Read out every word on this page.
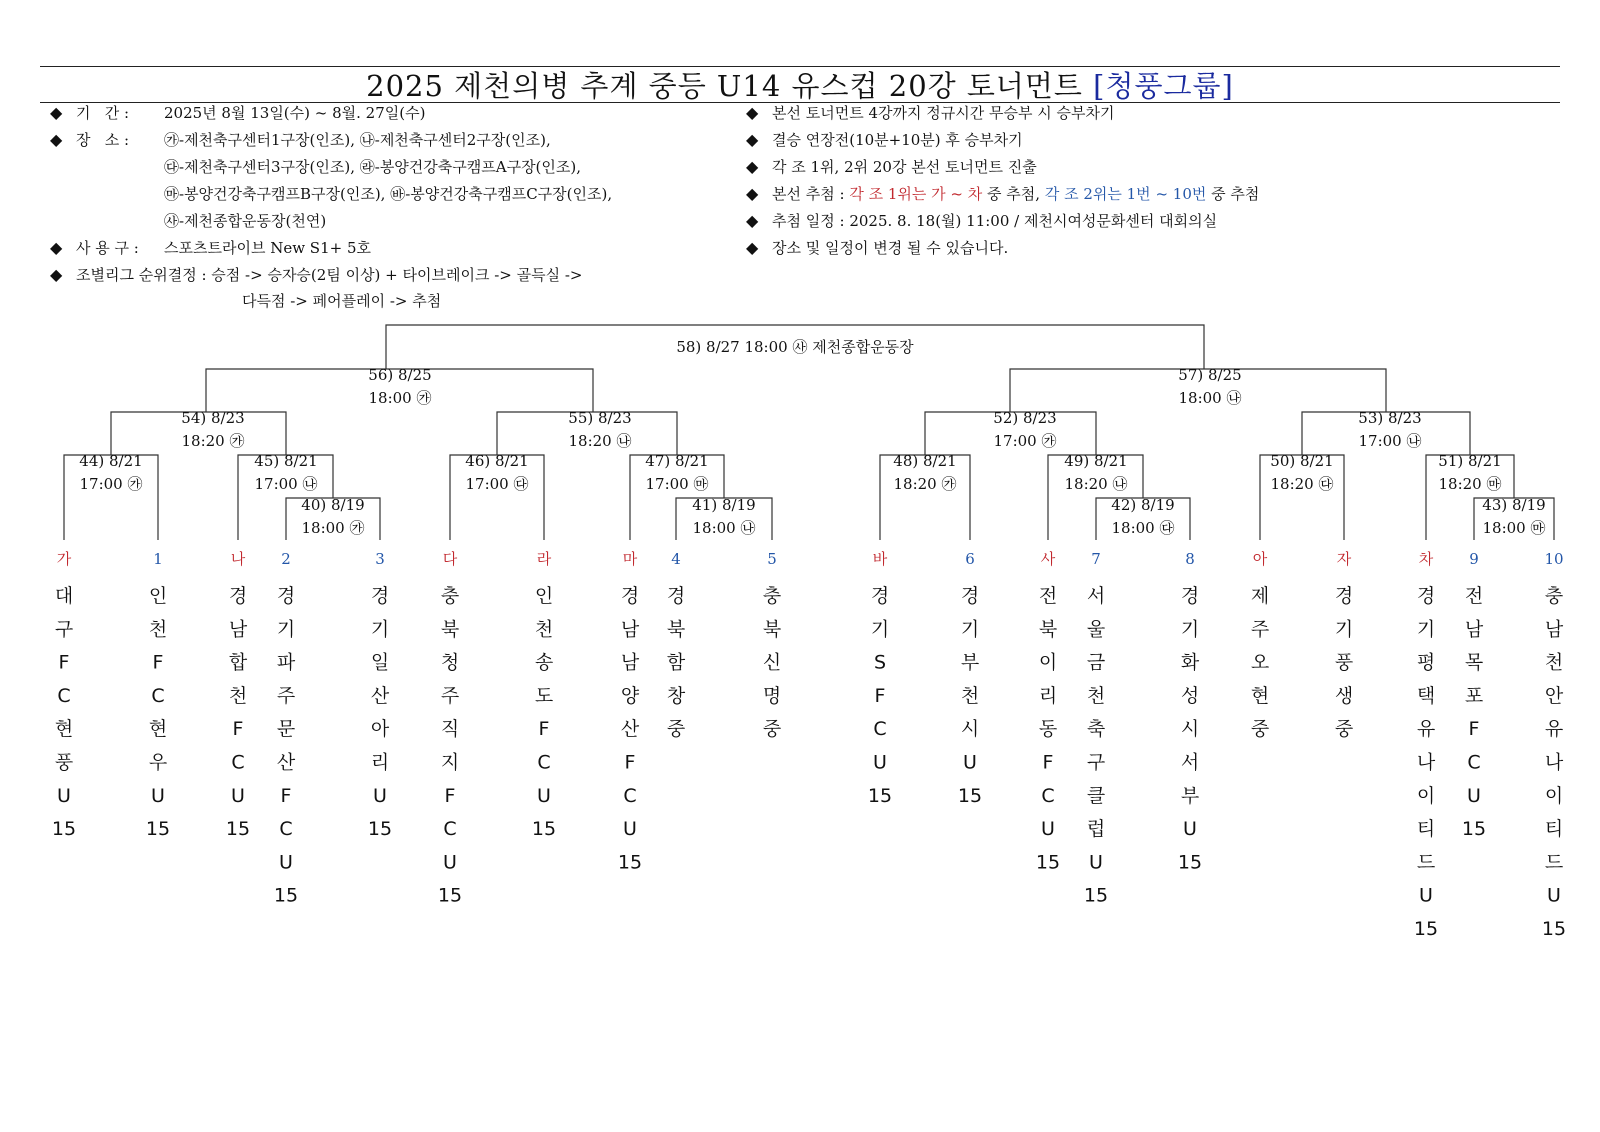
2025 제천의병 추계 중등 U14 유스컵 20강 토너먼트 [청풍그룹]
◆ 기   간 : 2025년 8월 13일(수) ~ 8월. 27일(수)
◆ 장   소 : ㉮-제천축구센터1구장(인조), ㉯-제천축구센터2구장(인조),
㉰-제천축구센터3구장(인조), ㉱-봉양건강축구캠프A구장(인조),
㉲-봉양건강축구캠프B구장(인조), ㉳-봉양건강축구캠프C구장(인조),
㉴-제천종합운동장(천연)
◆ 사 용 구 : 스포츠트라이브 New S1+ 5호
◆ 조별리그 순위결정 : 승점 -> 승자승(2팀 이상) + 타이브레이크 -> 골득실 ->
다득점 -> 페어플레이 -> 추첨
◆ 본선 토너먼트 4강까지 정규시간 무승부 시 승부차기
◆ 결승 연장전(10분+10분) 후 승부차기
◆ 각 조 1위, 2위 20강 본선 토너먼트 진출
◆ 본선 추첨 : 각 조 1위는 가 ~ 차 중 추첨, 각 조 2위는 1번 ~ 10번 중 추첨
◆ 추첨 일정 : 2025. 8. 18(월) 11:00 / 제천시여성문화센터 대회의실
◆ 장소 및 일정이 변경 될 수 있습니다.
40) 8/19
18:00 ㉮
41) 8/19
18:00 ㉯
42) 8/19
18:00 ㉰
43) 8/19
18:00 ㉲
44) 8/21
17:00 ㉮
45) 8/21
17:00 ㉯
46) 8/21
17:00 ㉰
47) 8/21
17:00 ㉲
48) 8/21
18:20 ㉮
49) 8/21
18:20 ㉯
50) 8/21
18:20 ㉰
51) 8/21
18:20 ㉲
54) 8/23
18:20 ㉮
55) 8/23
18:20 ㉯
52) 8/23
17:00 ㉮
53) 8/23
17:00 ㉯
56) 8/25
18:00 ㉮
57) 8/25
18:00 ㉯
58) 8/27 18:00 ㉴ 제천종합운동장
가
대
구
F
C
현
풍
U
15
1
인
천
F
C
현
우
U
15
나
경
남
합
천
F
C
U
15
2
경
기
파
주
문
산
F
C
U
15
3
경
기
일
산
아
리
U
15
다
충
북
청
주
직
지
F
C
U
15
라
인
천
송
도
F
C
U
15
마
경
남
남
양
산
F
C
U
15
4
경
북
함
창
중
5
충
북
신
명
중
바
경
기
S
F
C
U
15
6
경
기
부
천
시
U
15
사
전
북
이
리
동
F
C
U
15
7
서
울
금
천
축
구
클
럽
U
15
8
경
기
화
성
시
서
부
U
15
아
제
주
오
현
중
자
경
기
풍
생
중
차
경
기
평
택
유
나
이
티
드
U
15
9
전
남
목
포
F
C
U
15
10
충
남
천
안
유
나
이
티
드
U
15
